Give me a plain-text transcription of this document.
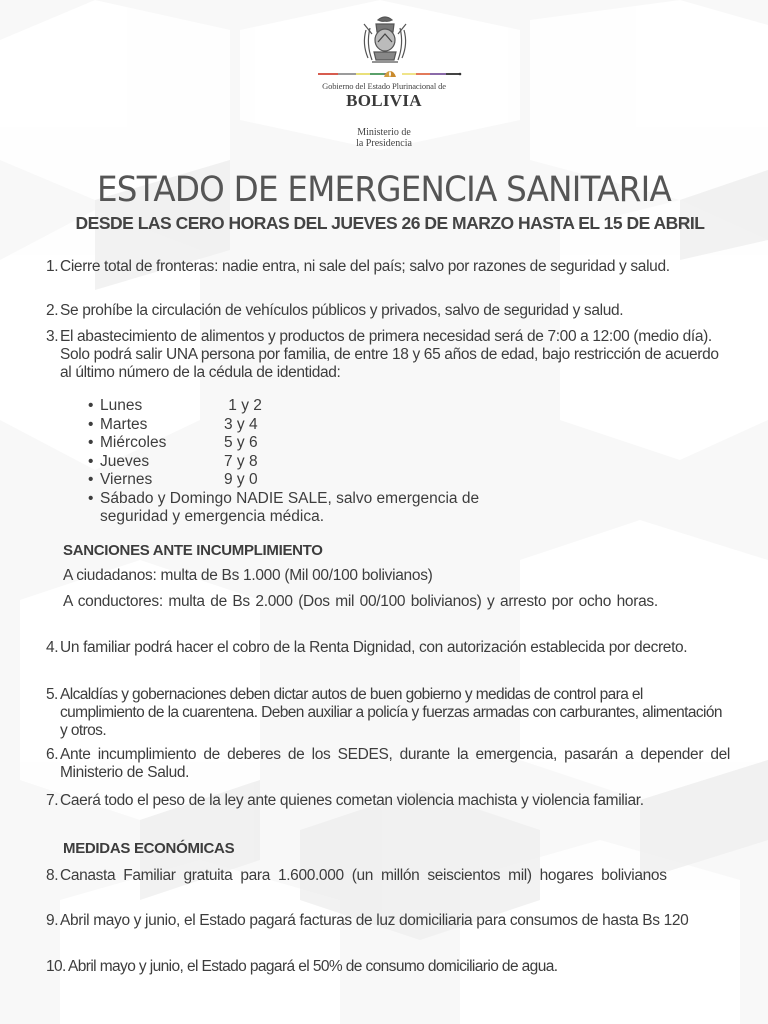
Gobierno del Estado Plurinacional de
BOLIVIA
Ministerio de
la Presidencia
ESTADO DE EMERGENCIA SANITARIA
DESDE LAS CERO HORAS DEL JUEVES 26 DE MARZO HASTA EL 15 DE ABRIL
1. Cierre total de fronteras: nadie entra, ni sale del país; salvo por razones de seguridad y salud.
2. Se prohíbe la circulación de vehículos públicos y privados, salvo de seguridad y salud.
3. El abastecimiento de alimentos y productos de primera necesidad será de 7:00 a 12:00 (medio día). Solo podrá salir UNA persona por familia, de entre 18 y 65 años de edad, bajo restricción de acuerdo al último número de la cédula de identidad:
• Lunes	1 y 2
• Martes	3 y 4
• Miércoles	5 y 6
• Jueves	7 y 8
• Viernes	9 y 0
• Sábado y Domingo NADIE SALE, salvo emergencia de seguridad y emergencia médica.
SANCIONES ANTE INCUMPLIMIENTO
A ciudadanos: multa de Bs 1.000 (Mil 00/100 bolivianos)
A conductores: multa de Bs 2.000 (Dos mil 00/100 bolivianos) y arresto por ocho horas.
4. Un familiar podrá hacer el cobro de la Renta Dignidad, con autorización establecida por decreto.
5. Alcaldías y gobernaciones deben dictar autos de buen gobierno y medidas de control para el cumplimiento de la cuarentena. Deben auxiliar a policía y fuerzas armadas con carburantes, alimentación y otros.
6. Ante incumplimiento de deberes de los SEDES, durante la emergencia, pasarán a depender del Ministerio de Salud.
7. Caerá todo el peso de la ley ante quienes cometan violencia machista y violencia familiar.
MEDIDAS ECONÓMICAS
8. Canasta Familiar gratuita para 1.600.000 (un millón seiscientos mil) hogares bolivianos
9. Abril mayo y junio, el Estado pagará facturas de luz domiciliaria para consumos de hasta Bs 120
10. Abril mayo y junio, el Estado pagará el 50% de consumo domiciliario de agua.
